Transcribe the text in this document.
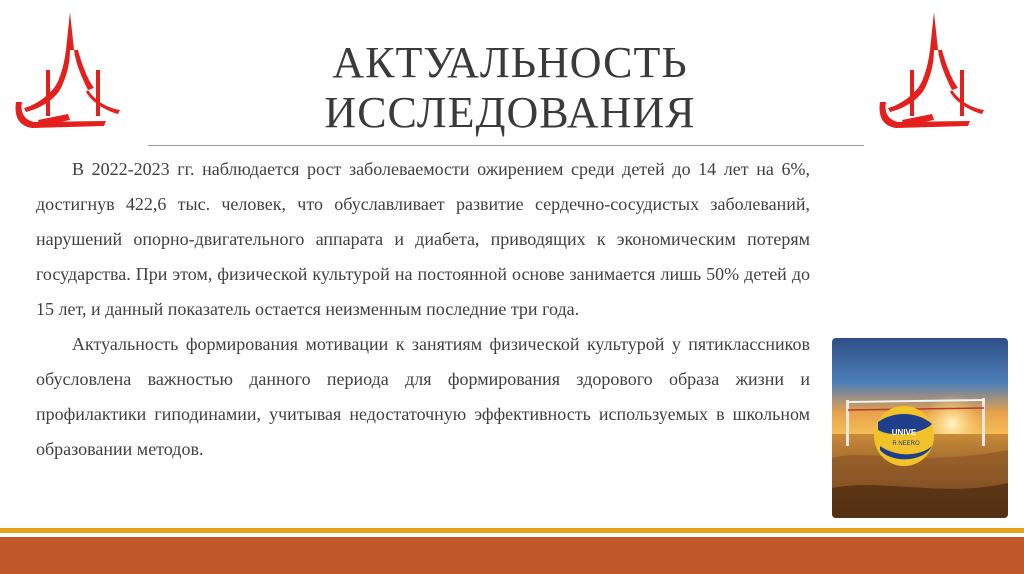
АКТУАЛЬНОСТЬ
ИССЛЕДОВАНИЯ

В 2022-2023 гг. наблюдается рост заболеваемости ожирением среди детей до 14 лет на 6%, достигнув 422,6 тыс. человек, что обуславливает развитие сердечно-сосудистых заболеваний, нарушений опорно-двигательного аппарата и диабета, приводящих к экономическим потерям государства. При этом, физической культурой на постоянной основе занимается лишь 50% детей до 15 лет, и данный показатель остается неизменным последние три года.

Актуальность формирования мотивации к занятиям физической культурой у пятиклассников обусловлена важностью данного периода для формирования здорового образа жизни и профилактики гиподинамии, учитывая недостаточную эффективность используемых в школьном образовании методов.

UNIVE
R NEERO
